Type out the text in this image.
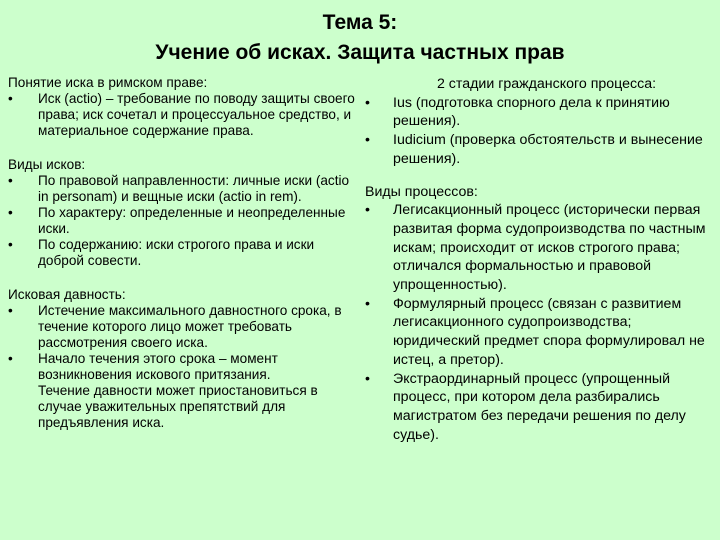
Тема 5:
Учение об исках. Защита частных прав
Понятие иска в римском праве:
• Иск (actio) – требование по поводу защиты своего права; иск сочетал и процессуальное средство, и материальное содержание права.
Виды исков:
• По правовой направленности: личные иски (actio in personam) и вещные иски (actio in rem).
• По характеру: определенные и неопределенные иски.
• По содержанию: иски строгого права и иски доброй совести.
Исковая давность:
• Истечение максимального давностного срока, в течение которого лицо может требовать рассмотрения своего иска.
• Начало течения этого срока – момент возникновения искового притязания.
Течение давности может приостановиться в случае уважительных препятствий для предъявления иска.
2 стадии гражданского процесса:
• Ius (подготовка спорного дела к принятию решения).
• Iudicium (проверка обстоятельств и вынесение решения).
Виды процессов:
• Легисакционный процесс (исторически первая развитая форма судопроизводства по частным искам; происходит от исков строгого права; отличался формальностью и правовой упрощенностью).
• Формулярный процесс (связан с развитием легисакционного судопроизводства; юридический предмет спора формулировал не истец, а претор).
• Экстраординарный процесс (упрощенный процесс, при котором дела разбирались магистратом без передачи решения по делу судье).
